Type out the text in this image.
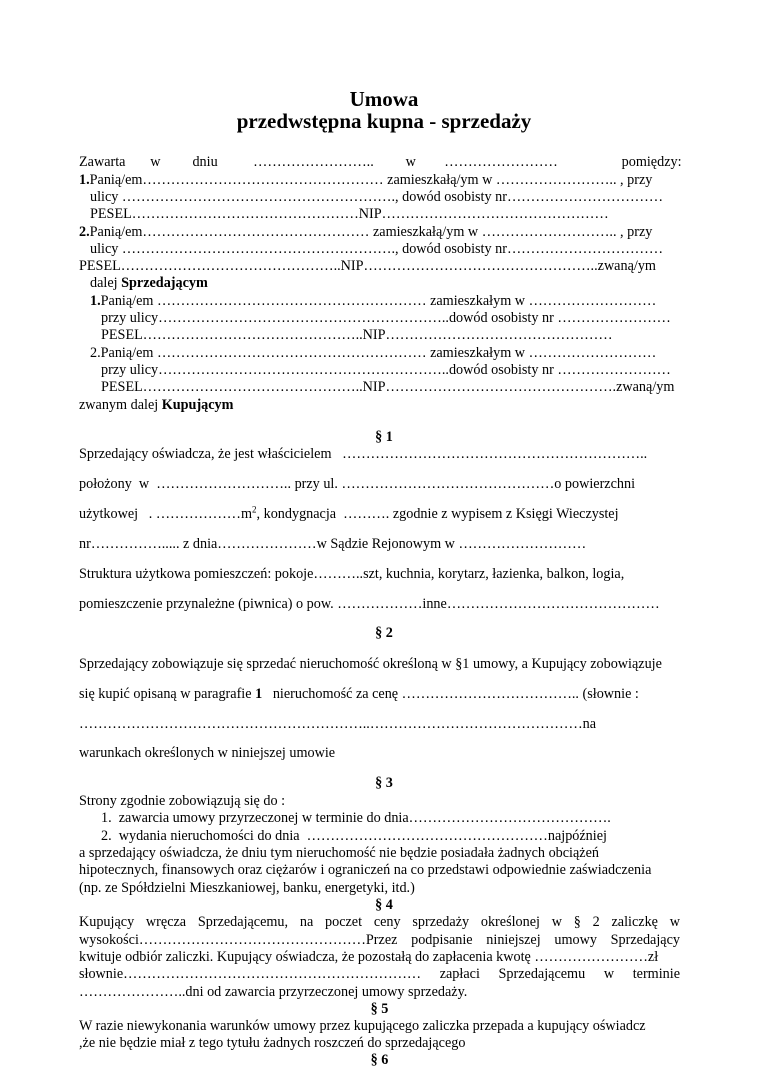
Umowa
przedwstępna kupna - sprzedaży
Zawarta       w         dniu          ……………………..         w        ……………………                  pomiędzy:
1.Panią/em…………………………………………… zamieszkałą/ym w …………………….. , przy
ulicy …………………………………………………., dowód osobisty nr……………………………
PESEL…………………………………………NIP…………………………………………
2.Panią/em………………………………………… zamieszkałą/ym w ……………………….. , przy
ulicy …………………………………………………., dowód osobisty nr……………………………
PESEL………………………………………..NIP…………………………………………..zwaną/ym
dalej Sprzedającym
1.Panią/em ………………………………………………… zamieszkałym w ………………………
przy ulicy……………………………………………………..dowód osobisty nr ……………………
PESEL………………………………………..NIP…………………………………………
2.Panią/em ………………………………………………… zamieszkałym w ………………………
przy ulicy……………………………………………………..dowód osobisty nr ……………………
PESEL………………………………………..NIP………………………………………….zwaną/ym
zwanym dalej Kupującym
§ 1
Sprzedający oświadcza, że jest właścicielem   ………………………………………………………..
położony  w  ……………………….. przy ul. ………………………………………o powierzchni
użytkowej   . $\dots\dots\dots\dots\dots\dots m^2$, kondygnacja  ………. zgodnie z wypisem z Księgi Wieczystej
nr……………..... z dnia…………………w Sądzie Rejonowym w ………………………
Struktura użytkowa pomieszczeń: pokoje………..szt, kuchnia, korytarz, łazienka, balkon, logia,
pomieszczenie przynależne (piwnica) o pow. ………………inne………………………………………
§ 2
Sprzedający zobowiązuje się sprzedać nieruchomość określoną w §1 umowy, a Kupujący zobowiązuje
się kupić opisaną w paragrafie 1   nieruchomość za cenę ……………………………….. (słownie :
……………………………………………………..………………………………………na
warunkach określonych w niniejszej umowie
§ 3
Strony zgodnie zobowiązują się do :
1.  zawarcia umowy przyrzeczonej w terminie do dnia…………………………………….
2.  wydania nieruchomości do dnia  ……………………………………………najpóźniej
a sprzedający oświadcza, że dniu tym nieruchomość nie będzie posiadała żadnych obciążeń
hipotecznych, finansowych oraz ciężarów i ograniczeń na co przedstawi odpowiednie zaświadczenia
(np. ze Spółdzielni Mieszkaniowej, banku, energetyki, itd.)
§ 4
Kupujący wręcza Sprzedającemu, na poczet ceny sprzedaży określonej w § 2 zaliczkę w
wysokości…………………………………………Przez podpisanie niniejszej umowy Sprzedający
kwituje odbiór zaliczki. Kupujący oświadcza, że pozostałą do zapłacenia kwotę ……………………zł
słownie……………………………………………………… zapłaci Sprzedającemu w terminie
…………………..dni od zawarcia przyrzeczonej umowy sprzedaży.
§ 5
W razie niewykonania warunków umowy przez kupującego zaliczka przepada a kupujący oświadcz
,że nie będzie miał z tego tytułu żadnych roszczeń do sprzedającego
§ 6
